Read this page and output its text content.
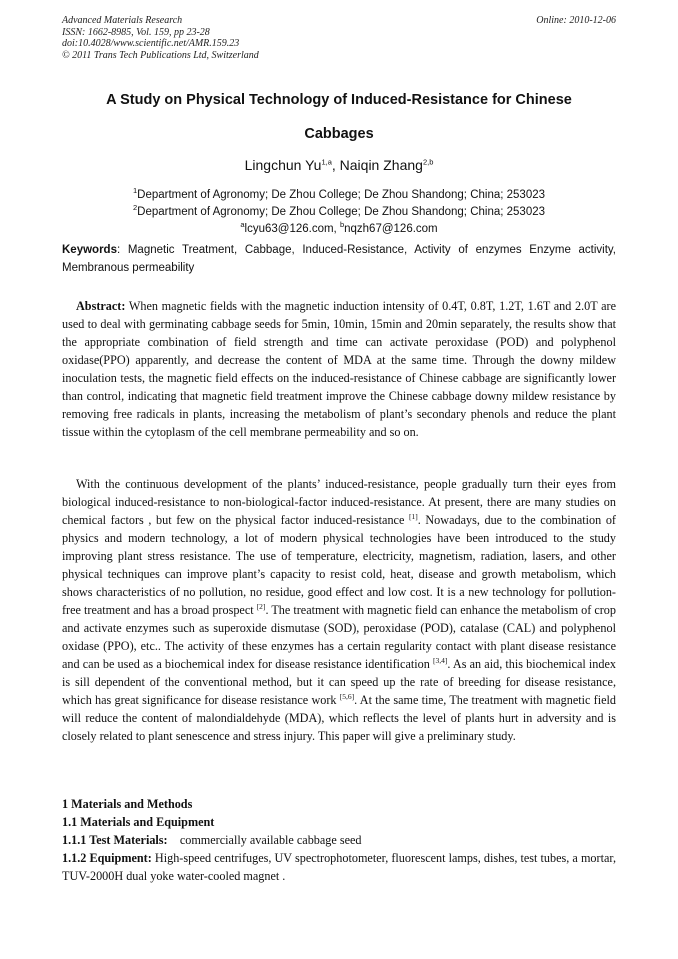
Advanced Materials Research
ISSN: 1662-8985, Vol. 159, pp 23-28
doi:10.4028/www.scientific.net/AMR.159.23
© 2011 Trans Tech Publications Ltd, Switzerland
Online: 2010-12-06
A Study on Physical Technology of Induced-Resistance for Chinese
Cabbages
Lingchun Yu$^{1,a}$, Naiqin Zhang$^{2,b}$
$^1$Department of Agronomy; De Zhou College; De Zhou Shandong; China; 253023
$^2$Department of Agronomy; De Zhou College; De Zhou Shandong; China; 253023
$^a$lcyu63@126.com, $^b$nqzh67@126.com
Keywords: Magnetic Treatment, Cabbage, Induced-Resistance, Activity of enzymes Enzyme activity, Membranous permeability
Abstract: When magnetic fields with the magnetic induction intensity of 0.4T, 0.8T, 1.2T, 1.6T and 2.0T are used to deal with germinating cabbage seeds for 5min, 10min, 15min and 20min separately, the results show that the appropriate combination of field strength and time can activate peroxidase (POD) and polyphenol oxidase(PPO) apparently, and decrease the content of MDA at the same time. Through the downy mildew inoculation tests, the magnetic field effects on the induced-resistance of Chinese cabbage are significantly lower than control, indicating that magnetic field treatment improve the Chinese cabbage downy mildew resistance by removing free radicals in plants, increasing the metabolism of plant’s secondary phenols and reduce the plant tissue within the cytoplasm of the cell membrane permeability and so on.
With the continuous development of the plants’ induced-resistance, people gradually turn their eyes from biological induced-resistance to non-biological-factor induced-resistance. At present, there are many studies on chemical factors , but few on the physical factor induced-resistance [1]. Nowadays, due to the combination of physics and modern technology, a lot of modern physical technologies have been introduced to the study improving plant stress resistance. The use of temperature, electricity, magnetism, radiation, lasers, and other physical techniques can improve plant’s capacity to resist cold, heat, disease and growth metabolism, which shows characteristics of no pollution, no residue, good effect and low cost. It is a new technology for pollution-free treatment and has a broad prospect [2]. The treatment with magnetic field can enhance the metabolism of crop and activate enzymes such as superoxide dismutase (SOD), peroxidase (POD), catalase (CAL) and polyphenol oxidase (PPO), etc.. The activity of these enzymes has a certain regularity contact with plant disease resistance and can be used as a biochemical index for disease resistance identification [3,4]. As an aid, this biochemical index is sill dependent of the conventional method, but it can speed up the rate of breeding for disease resistance, which has great significance for disease resistance work [5,6]. At the same time, The treatment with magnetic field will reduce the content of malondialdehyde (MDA), which reflects the level of plants hurt in adversity and is closely related to plant senescence and stress injury. This paper will give a preliminary study.
1 Materials and Methods
1.1 Materials and Equipment
1.1.1 Test Materials:    commercially available cabbage seed
1.1.2 Equipment: High-speed centrifuges, UV spectrophotometer, fluorescent lamps, dishes, test tubes, a mortar, TUV-2000H dual yoke water-cooled magnet .
